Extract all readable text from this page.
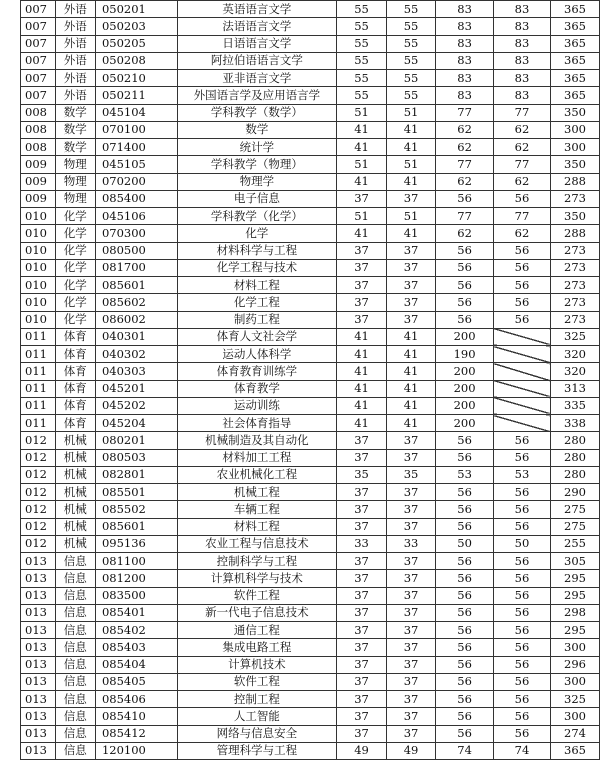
007	外语	050201	英语语言文学	55	55	83	83	365
007	外语	050203	法语语言文学	55	55	83	83	365
007	外语	050205	日语语言文学	55	55	83	83	365
007	外语	050208	阿拉伯语语言文学	55	55	83	83	365
007	外语	050210	亚非语言文学	55	55	83	83	365
007	外语	050211	外国语言学及应用语言学	55	55	83	83	365
008	数学	045104	学科教学（数学）	51	51	77	77	350
008	数学	070100	数学	41	41	62	62	300
008	数学	071400	统计学	41	41	62	62	300
009	物理	045105	学科教学（物理）	51	51	77	77	350
009	物理	070200	物理学	41	41	62	62	288
009	物理	085400	电子信息	37	37	56	56	273
010	化学	045106	学科教学（化学）	51	51	77	77	350
010	化学	070300	化学	41	41	62	62	288
010	化学	080500	材料科学与工程	37	37	56	56	273
010	化学	081700	化学工程与技术	37	37	56	56	273
010	化学	085601	材料工程	37	37	56	56	273
010	化学	085602	化学工程	37	37	56	56	273
010	化学	086002	制药工程	37	37	56	56	273
011	体育	040301	体育人文社会学	41	41	200		325
011	体育	040302	运动人体科学	41	41	190		320
011	体育	040303	体育教育训练学	41	41	200		320
011	体育	045201	体育教学	41	41	200		313
011	体育	045202	运动训练	41	41	200		335
011	体育	045204	社会体育指导	41	41	200		338
012	机械	080201	机械制造及其自动化	37	37	56	56	280
012	机械	080503	材料加工工程	37	37	56	56	280
012	机械	082801	农业机械化工程	35	35	53	53	280
012	机械	085501	机械工程	37	37	56	56	290
012	机械	085502	车辆工程	37	37	56	56	275
012	机械	085601	材料工程	37	37	56	56	275
012	机械	095136	农业工程与信息技术	33	33	50	50	255
013	信息	081100	控制科学与工程	37	37	56	56	305
013	信息	081200	计算机科学与技术	37	37	56	56	295
013	信息	083500	软件工程	37	37	56	56	295
013	信息	085401	新一代电子信息技术	37	37	56	56	298
013	信息	085402	通信工程	37	37	56	56	295
013	信息	085403	集成电路工程	37	37	56	56	300
013	信息	085404	计算机技术	37	37	56	56	296
013	信息	085405	软件工程	37	37	56	56	300
013	信息	085406	控制工程	37	37	56	56	325
013	信息	085410	人工智能	37	37	56	56	300
013	信息	085412	网络与信息安全	37	37	56	56	274
013	信息	120100	管理科学与工程	49	49	74	74	365
